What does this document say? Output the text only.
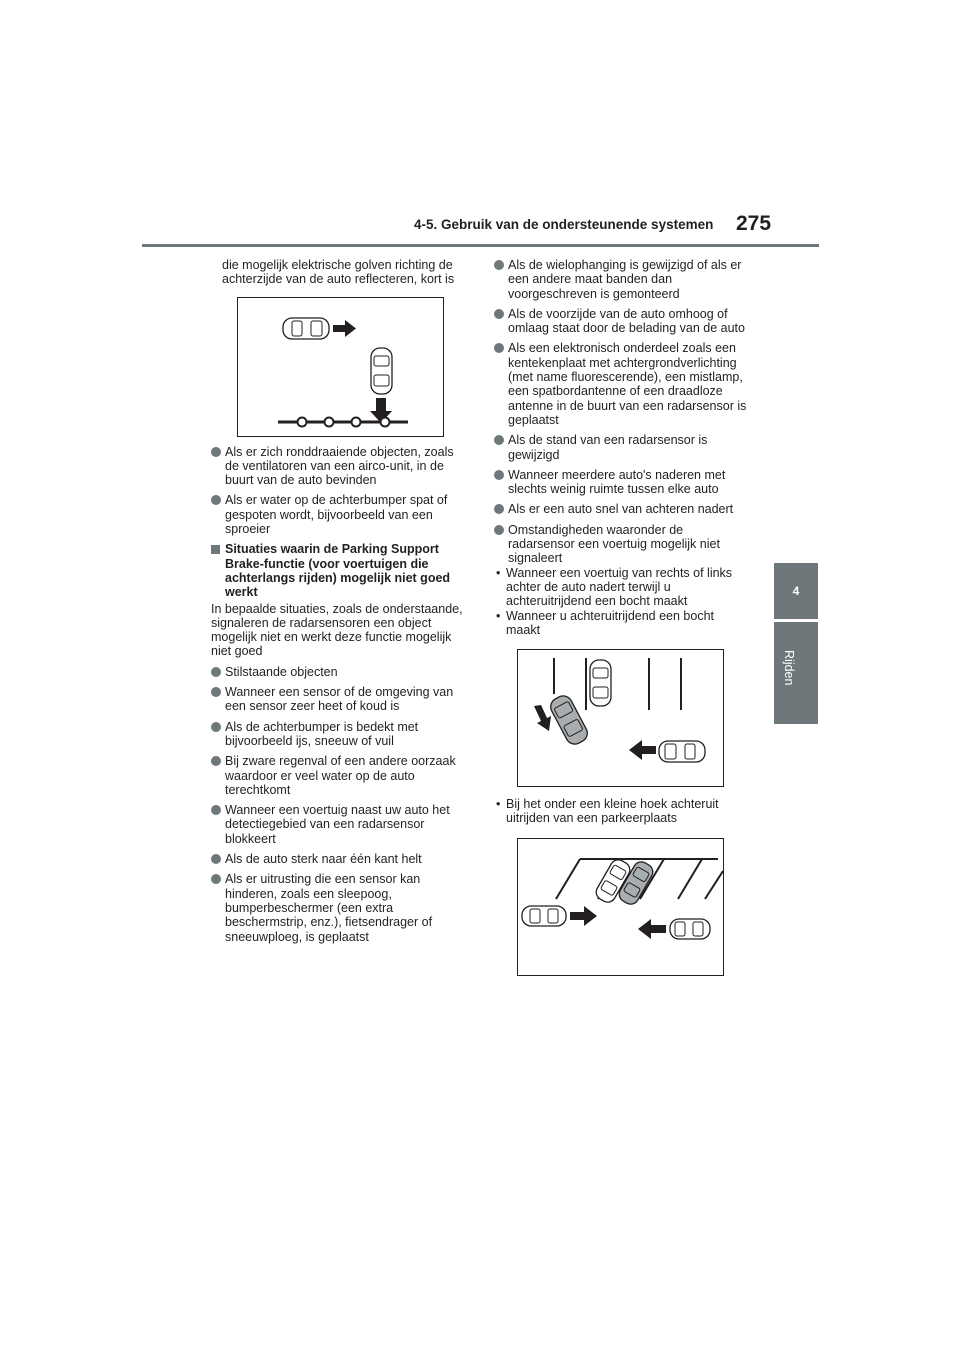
4-5. Gebruik van de ondersteunende systemen 275
4
Rijden

die mogelijk elektrische golven richting de achterzijde van de auto reflecteren, kort is

Als er zich ronddraaiende objecten, zoals de ventilatoren van een airco-unit, in de buurt van de auto bevinden
Als er water op de achterbumper spat of gespoten wordt, bijvoorbeeld van een sproeier
Situaties waarin de Parking Support Brake-functie (voor voertuigen die achterlangs rijden) mogelijk niet goed werkt

In bepaalde situaties, zoals de onderstaande, signaleren de radarsensoren een object mogelijk niet en werkt deze functie mogelijk niet goed

Stilstaande objecten
Wanneer een sensor of de omgeving van een sensor zeer heet of koud is
Als de achterbumper is bedekt met bijvoorbeeld ijs, sneeuw of vuil
Bij zware regenval of een andere oorzaak waardoor er veel water op de auto terechtkomt
Wanneer een voertuig naast uw auto het detectiegebied van een radarsensor blokkeert
Als de auto sterk naar één kant helt
Als er uitrusting die een sensor kan hinderen, zoals een sleepoog, bumperbeschermer (een extra beschermstrip, enz.), fietsendrager of sneeuwploeg, is geplaatst
Als de wielophanging is gewijzigd of als er een andere maat banden dan voorgeschreven is gemonteerd
Als de voorzijde van de auto omhoog of omlaag staat door de belading van de auto
Als een elektronisch onderdeel zoals een kentekenplaat met achtergrondverlichting (met name fluorescerende), een mistlamp, een spatbordantenne of een draadloze antenne in de buurt van een radarsensor is geplaatst
Als de stand van een radarsensor is gewijzigd
Wanneer meerdere auto's naderen met slechts weinig ruimte tussen elke auto
Als er een auto snel van achteren nadert
Omstandigheden waaronder de radarsensor een voertuig mogelijk niet signaleert
• Wanneer een voertuig van rechts of links achter de auto nadert terwijl u achteruitrijdend een bocht maakt
• Wanneer u achteruitrijdend een bocht maakt
• Bij het onder een kleine hoek achteruit uitrijden van een parkeerplaats
